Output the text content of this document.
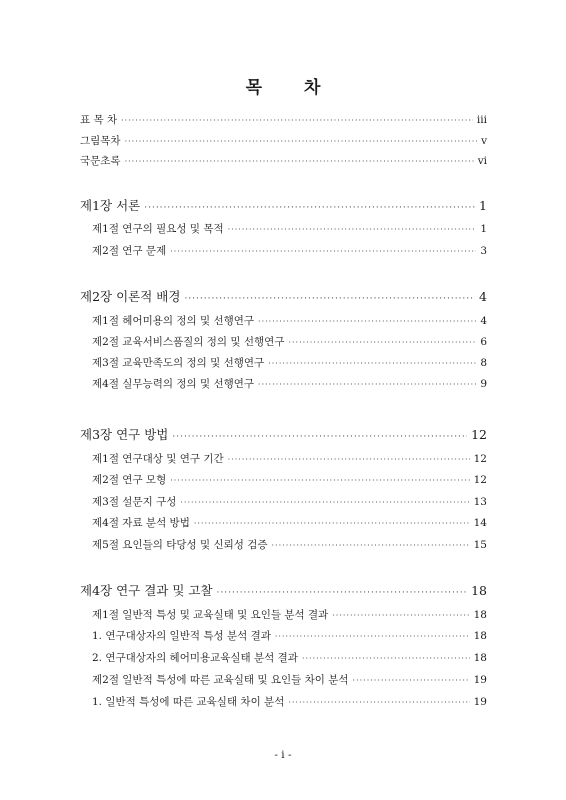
목 차
표 목 차 ·····	iii
그림목차 ·····	v
국문초록 ·····	vi
제1장 서론 ·····	1
제1절 연구의 필요성 및 목적 ·····	1
제2절 연구 문제 ·····	3
제2장 이론적 배경 ·····	4
제1절 헤어미용의 정의 및 선행연구 ·····	4
제2절 교육서비스품질의 정의 및 선행연구 ·····	6
제3절 교육만족도의 정의 및 선행연구 ·····	8
제4절 실무능력의 정의 및 선행연구 ·····	9
제3장 연구 방법 ·····	12
제1절 연구대상 및 연구 기간 ·····	12
제2절 연구 모형 ·····	12
제3절 설문지 구성 ·····	13
제4절 자료 분석 방법 ·····	14
제5절 요인들의 타당성 및 신뢰성 검증 ·····	15
제4장 연구 결과 및 고찰 ·····	18
제1절 일반적 특성 및 교육실태 및 요인들 분석 결과 ·····	18
1. 연구대상자의 일반적 특성 분석 결과 ·····	18
2. 연구대상자의 헤어미용교육실태 분석 결과 ·····	18
제2절 일반적 특성에 따른 교육실태 및 요인들 차이 분석 ·····	19
1. 일반적 특성에 따른 교육실태 차이 분석 ·····	19
- i -
